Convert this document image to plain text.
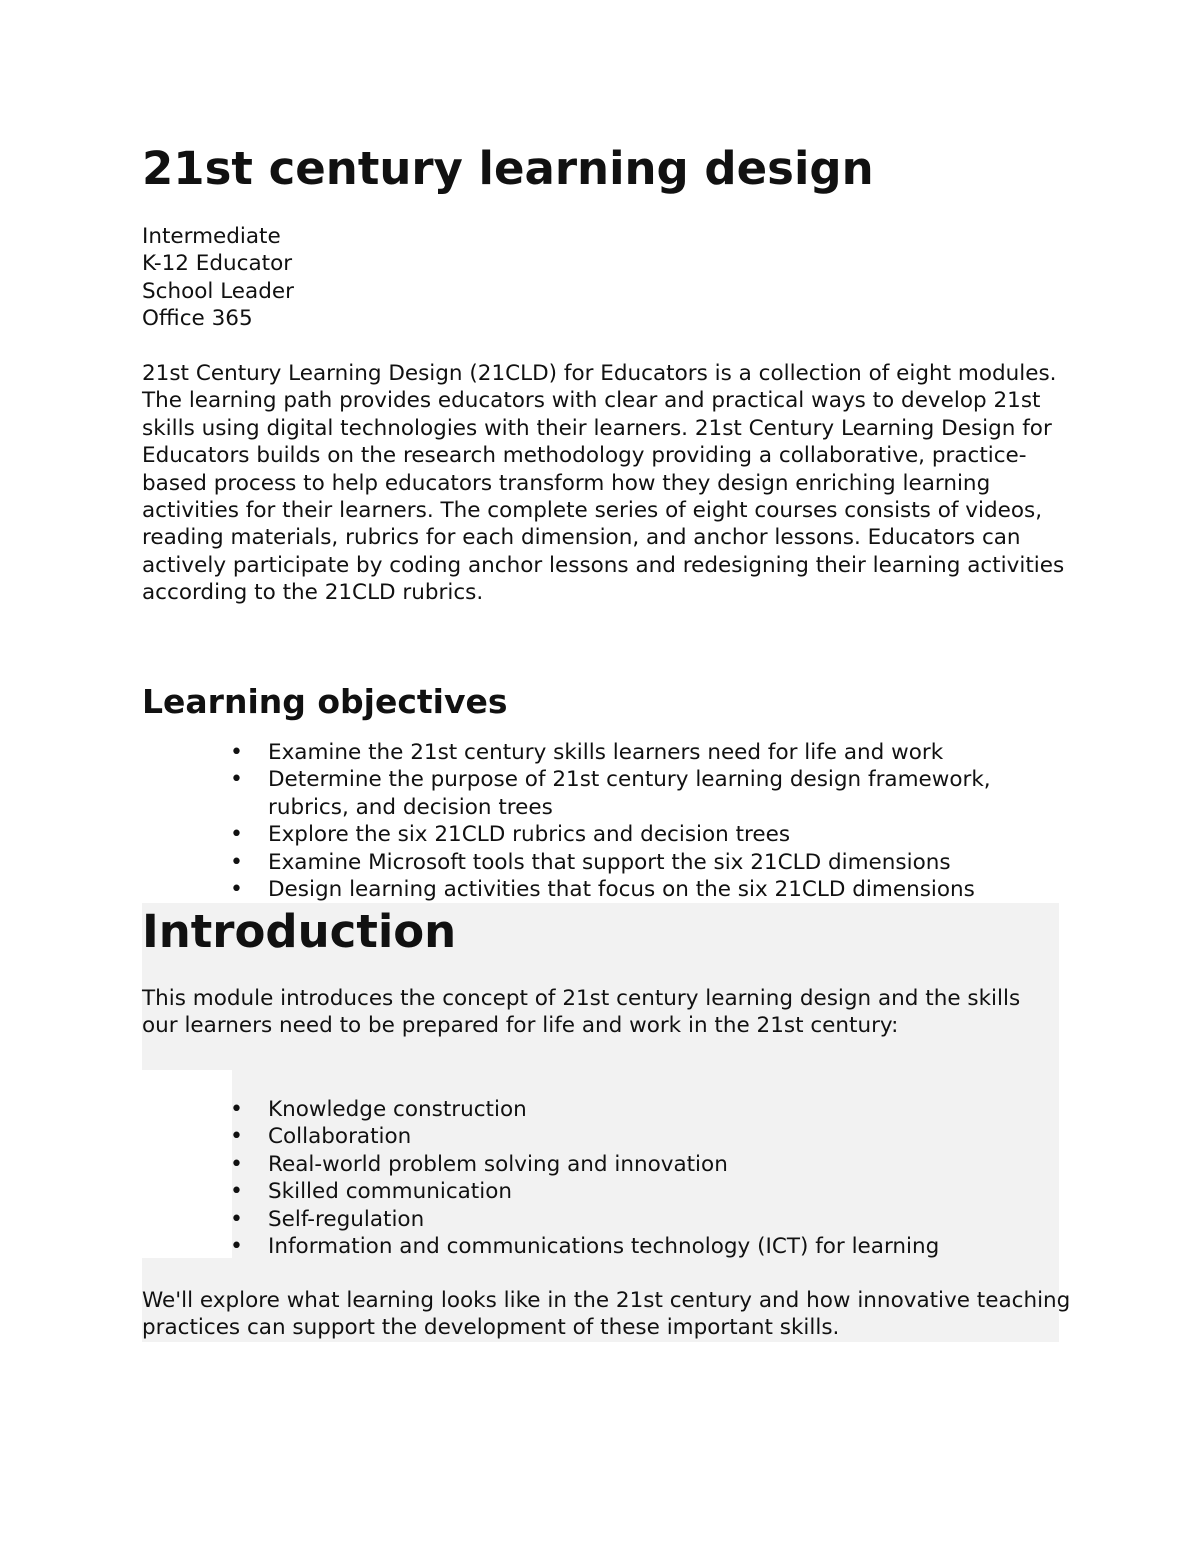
21st century learning design
Intermediate
K-12 Educator
School Leader
Office 365

21st Century Learning Design (21CLD) for Educators is a collection of eight modules. The learning path provides educators with clear and practical ways to develop 21st skills using digital technologies with their learners. 21st Century Learning Design for Educators builds on the research methodology providing a collaborative, practice-based process to help educators transform how they design enriching learning activities for their learners. The complete series of eight courses consists of videos, reading materials, rubrics for each dimension, and anchor lessons. Educators can actively participate by coding anchor lessons and redesigning their learning activities according to the 21CLD rubrics.

Learning objectives
• Examine the 21st century skills learners need for life and work
• Determine the purpose of 21st century learning design framework, rubrics, and decision trees
• Explore the six 21CLD rubrics and decision trees
• Examine Microsoft tools that support the six 21CLD dimensions
• Design learning activities that focus on the six 21CLD dimensions
Introduction

This module introduces the concept of 21st century learning design and the skills our learners need to be prepared for life and work in the 21st century:

• Knowledge construction
• Collaboration
• Real-world problem solving and innovation
• Skilled communication
• Self-regulation
• Information and communications technology (ICT) for learning

We'll explore what learning looks like in the 21st century and how innovative teaching practices can support the development of these important skills.
